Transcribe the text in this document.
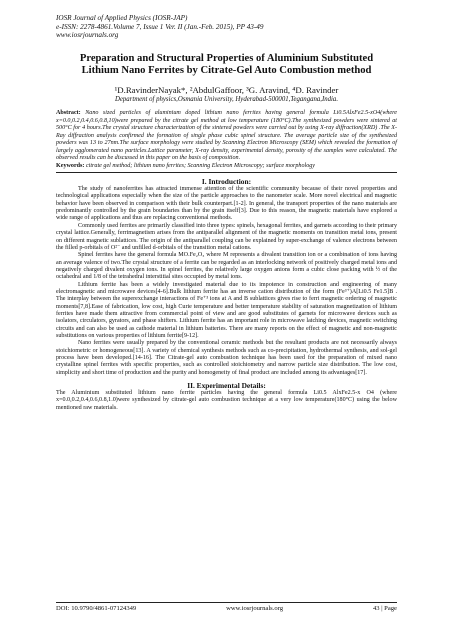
IOSR Journal of Applied Physics (IOSR-JAP)
e-ISSN: 2278-4861.Volume 7, Issue 1 Ver. II (Jan.-Feb. 2015), PP 43-49
www.iosrjournals.org
Preparation and Structural Properties of Aluminium Substituted
Lithium Nano Ferrites by Citrate-Gel Auto Combustion method
¹D.RavinderNayak*, ²AbdulGaffoor, ³G. Aravind, ⁴D. Ravinder
Department of physics,Osmania University, Hyderabad-500001,Teganganа,India.
Abstract: Nano sized particles of aluminium doped lithium nano ferrites having general formula Li0.5AlxFe2.5-xO4(where x=0.0,0.2,0.4,0.6,0.8,10)were prepared by the citrate gel method at low temperature (180°C).The synthesized powders were sintered at 500°C for 4 hours.The crystal structure characterization of the sintered powders were carried out by using X-ray diffraction(XRD) .The X-Ray diffraction analysis confirmed the formation of single phase cubic spinel structure. The average particle size of the synthesized powders was 13 to 27nm.The surface morphology were studied by Scanning Electron Microscopy (SEM) which revealed the formation of largely agglomerated nano particles.Lattice parameter, X-ray density, experimental density, porosity of the samples were calculated. The observed results can be discussed in this paper on the basis of composition.
Keywords: citrate gel method; lithium nano ferrites; Scanning Electron Microscopy; surface morphology
I. Introduction:

The study of nanoferrites has attracted immense attention of the scientific community because of their novel properties and technological applications especially when the size of the particle approaches to the nanometer scale. More novel electrical and magnetic behavior have been observed in comparison with their bulk counterpart.[1-2]. In general, the transport properties of the nano materials are predominantly controlled by the grain boundaries than by the grain itself[3]. Due to this reason, the magnetic materials have explored a wide range of applications and thus are replacing conventional methods.

Commonly used ferrites are primarily classified into three types: spinels, hexagonal ferrites, and garnets according to their primary crystal lattice.Generally, ferrimagnetism arises from the antiparallel alignment of the magnetic moments on transition metal ions, present on different magnetic sublattices. The origin of the antiparallel coupling can be explained by super-exchange of valence electrons between the filled p-orbitals of O²⁻ and unfilled d-orbitals of the transition metal cations.

Spinel ferrites have the general formula MO.Fe₂O₃ where M represents a divalent transition ion or a combination of ions having an average valence of two.The crystal structure of a ferrite can be regarded as an interlocking network of positively charged metal ions and negatively charged divalent oxygen ions. In spinel ferrites, the relatively large oxygen anions form a cubic close packing with ½ of the octahedral and 1/8 of the tetrahedral interstitial sites occupied by metal ions.

Lithium ferrite has been a widely investigated material due to its impotence in construction and engineering of many electromagnetic and microwave devices[4-6].Bulk lithium ferrite has an inverse cation distribution of the form (Fe³⁺)A[Li0.5 Fe1.5]B . The interplay between the superexchange interactions of Fe⁺³ ions at A and B sublattices gives rise to ferri magnetic ordering of magnetic moments[7,8].Ease of fabrication, low cost, high Curie temperature and better temperature stability of saturation magnetization of lithium ferrites have made them attractive from commercial point of view and are good substitutes of garnets for microwave devices such as isolators, circulators, gyrators, and phase shifters. Lithium ferrite has an important role in microwave latching devices, magnetic switching circuits and can also be used as cathode material in lithium batteries. There are many reports on the effect of magnetic and non-magnetic substitutions on various properties of lithium ferrite[9-12].

Nano ferrites were usually prepared by the conventional ceramic methods but the resultant products are not necessarily always stoichiometric or homogeneous[13]. A variety of chemical synthesis methods such as co-precipitation, hydrothermal synthesis, and sol-gel process have been developed.[14-16]. The Citrate-gel auto combustion technique has been used for the preparation of mixed nano crystalline spinel ferrites with specific properties, such as controlled stoichiometry and narrow particle size distribution. The low cost, simplicity and short time of production and the purity and homogeneity of final product are included among its advantages[17].

II. Experimental Details:

The Aluminium substituted lithium nano ferrite particles having the general formula Li0.5 AlxFe2.5-x O4 (where x=0.0,0.2,0.4,0.6,0.8,1.0)were synthesized by citrate-gel auto combustion technique at a very low temperature(180°C) using the below mentioned raw materials.

DOI: 10.9790/4861-07124349	www.iosrjournals.org	43 | Page
